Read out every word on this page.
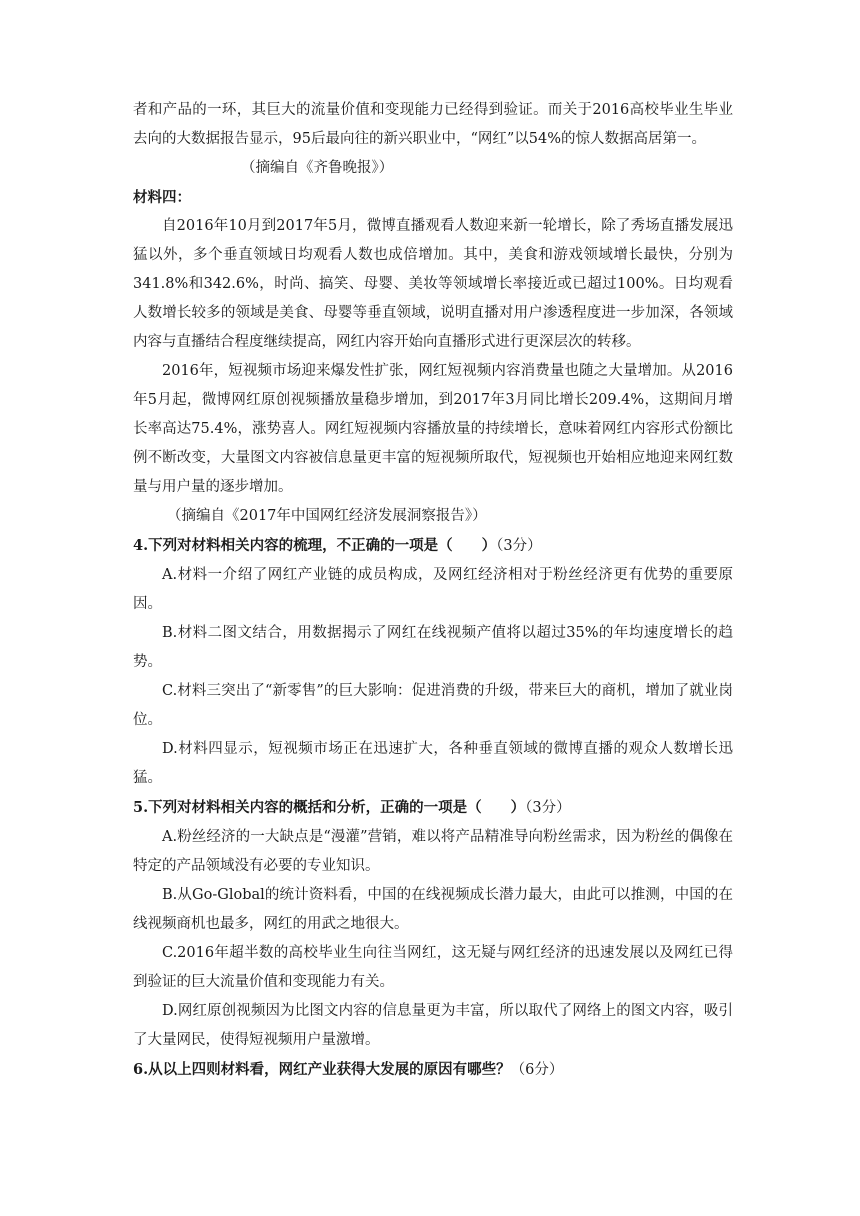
者和产品的一环，其巨大的流量价值和变现能力已经得到验证。而关于2016高校毕业生毕业去向的大数据报告显示，95后最向往的新兴职业中，“网红”以54%的惊人数据高居第一。

（摘编自《齐鲁晚报》）

材料四：

自2016年10月到2017年5月，微博直播观看人数迎来新一轮增长，除了秀场直播发展迅猛以外，多个垂直领域日均观看人数也成倍增加。其中，美食和游戏领域增长最快，分别为341.8%和342.6%，时尚、搞笑、母婴、美妆等领域增长率接近或已超过100%。日均观看人数增长较多的领域是美食、母婴等垂直领域，说明直播对用户渗透程度进一步加深，各领域内容与直播结合程度继续提高，网红内容开始向直播形式进行更深层次的转移。

2016年，短视频市场迎来爆发性扩张，网红短视频内容消费量也随之大量增加。从2016年5月起，微博网红原创视频播放量稳步增加，到2017年3月同比增长209.4%，这期间月增长率高达75.4%，涨势喜人。网红短视频内容播放量的持续增长，意味着网红内容形式份额比例不断改变，大量图文内容被信息量更丰富的短视频所取代，短视频也开始相应地迎来网红数量与用户量的逐步增加。

（摘编自《2017年中国网红经济发展洞察报告》）

4.下列对材料相关内容的梳理，不正确的一项是（　　）（3分）

A.材料一介绍了网红产业链的成员构成，及网红经济相对于粉丝经济更有优势的重要原因。

B.材料二图文结合，用数据揭示了网红在线视频产值将以超过35%的年均速度增长的趋势。

C.材料三突出了“新零售”的巨大影响：促进消费的升级，带来巨大的商机，增加了就业岗位。

D.材料四显示，短视频市场正在迅速扩大，各种垂直领域的微博直播的观众人数增长迅猛。

5.下列对材料相关内容的概括和分析，正确的一项是（　　）（3分）

A.粉丝经济的一大缺点是“漫灌”营销，难以将产品精准导向粉丝需求，因为粉丝的偶像在特定的产品领域没有必要的专业知识。

B.从Go-Global的统计资料看，中国的在线视频成长潜力最大，由此可以推测，中国的在线视频商机也最多，网红的用武之地很大。

C.2016年超半数的高校毕业生向往当网红，这无疑与网红经济的迅速发展以及网红已得到验证的巨大流量价值和变现能力有关。

D.网红原创视频因为比图文内容的信息量更为丰富，所以取代了网络上的图文内容，吸引了大量网民，使得短视频用户量激增。

6.从以上四则材料看，网红产业获得大发展的原因有哪些？（6分）
